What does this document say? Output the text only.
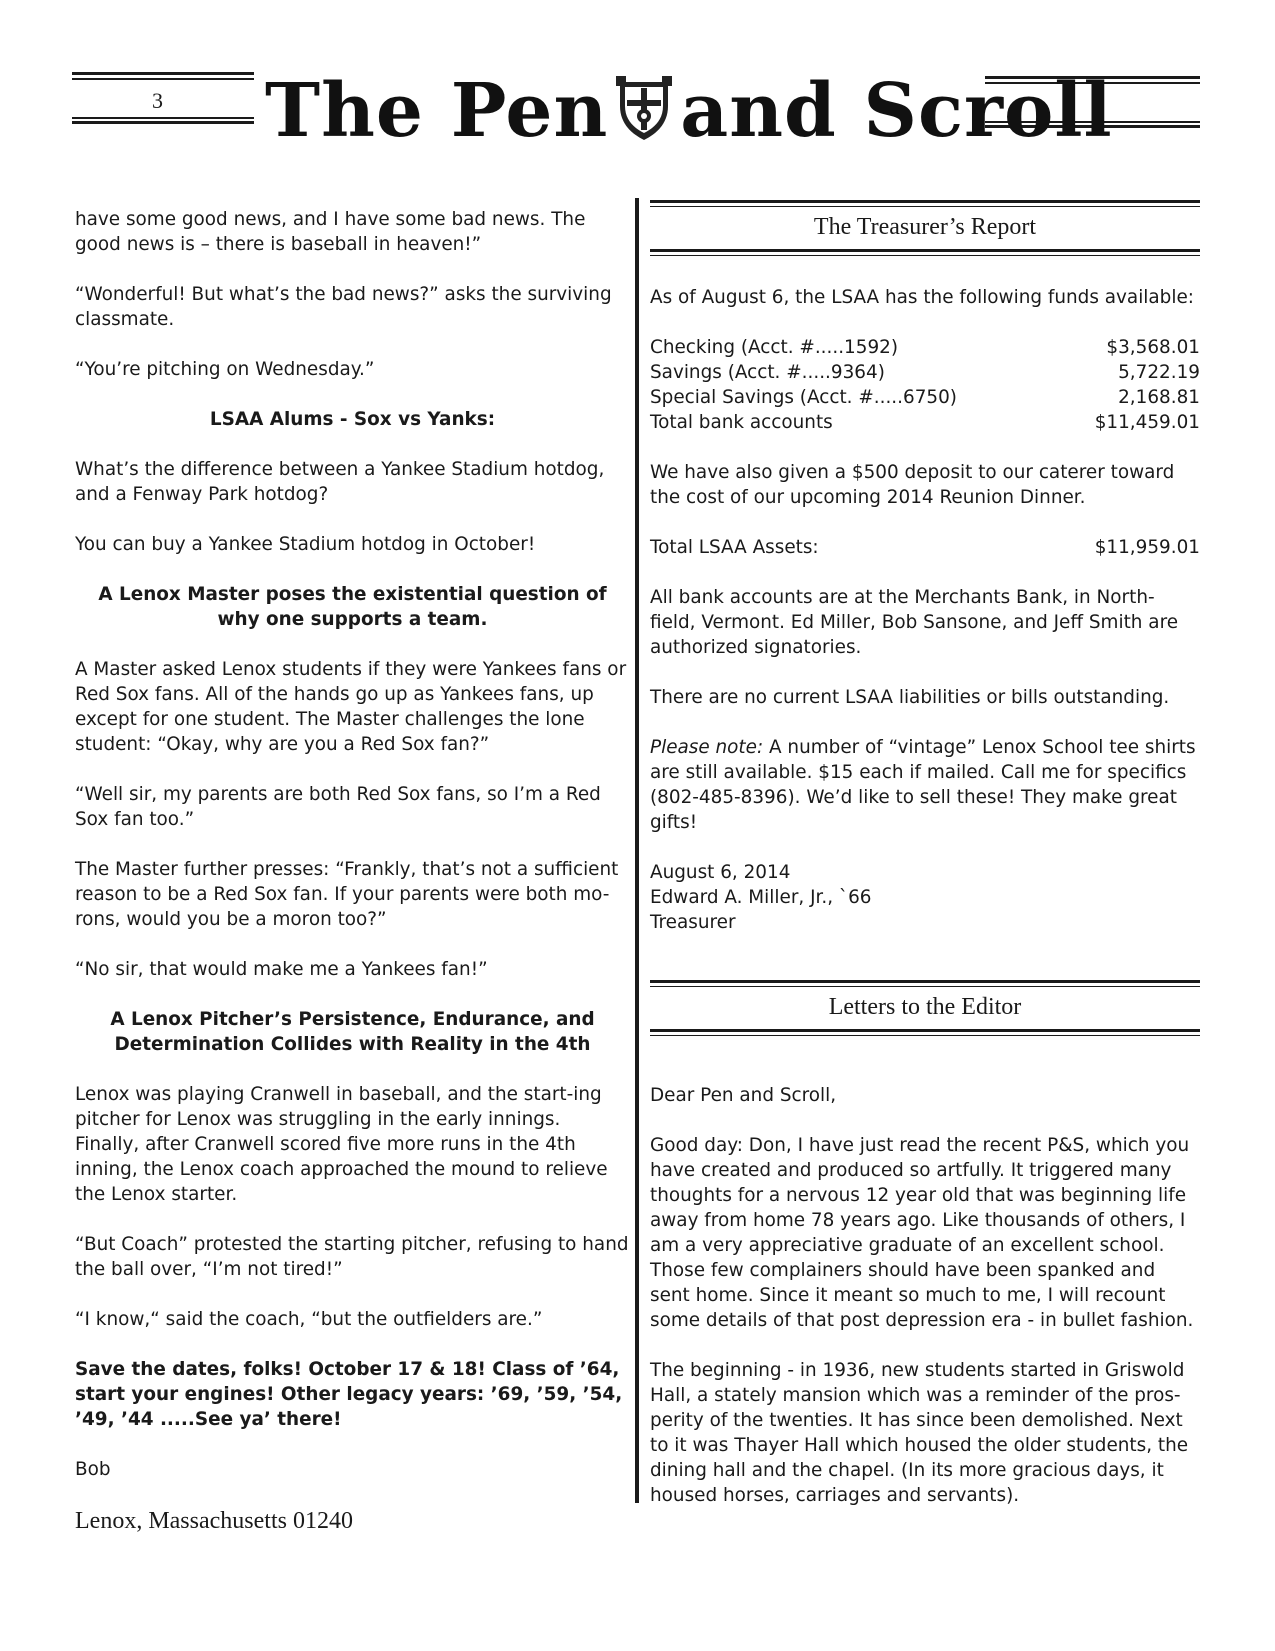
3 The Pen and Scroll

have some good news, and I have some bad news. The good news is – there is baseball in heaven!”

“Wonderful! But what’s the bad news?” asks the surviving classmate.

“You’re pitching on Wednesday.”

LSAA Alums - Sox vs Yanks:

What’s the difference between a Yankee Stadium hotdog, and a Fenway Park hotdog?

You can buy a Yankee Stadium hotdog in October!

A Lenox Master poses the existential question of
why one supports a team.

A Master asked Lenox students if they were Yankees fans or Red Sox fans. All of the hands go up as Yankees fans, up except for one student. The Master challenges the lone student: “Okay, why are you a Red Sox fan?”

“Well sir, my parents are both Red Sox fans, so I’m a Red Sox fan too.”

The Master further presses: “Frankly, that’s not a sufficient reason to be a Red Sox fan. If your parents were both mo-rons, would you be a moron too?”

“No sir, that would make me a Yankees fan!”

A Lenox Pitcher’s Persistence, Endurance, and
Determination Collides with Reality in the 4th

Lenox was playing Cranwell in baseball, and the start-ing pitcher for Lenox was struggling in the early innings. Finally, after Cranwell scored five more runs in the 4th inning, the Lenox coach approached the mound to relieve the Lenox starter.

“But Coach” protested the starting pitcher, refusing to hand the ball over, “I’m not tired!”

“I know,“ said the coach, “but the outfielders are.”

Save the dates, folks! October 17 & 18! Class of ’64, start your engines! Other legacy years: ’69, ’59, ’54, ’49, ’44 .....See ya’ there!

Bob

The Treasurer’s Report

As of August 6, the LSAA has the following funds available:

Checking (Acct. #.....1592)	$3,568.01
Savings (Acct. #.....9364)	5,722.19
Special Savings (Acct. #.....6750)	2,168.81
Total bank accounts	$11,459.01

We have also given a $500 deposit to our caterer toward the cost of our upcoming 2014 Reunion Dinner.

Total LSAA Assets:	$11,959.01

All bank accounts are at the Merchants Bank, in North-field, Vermont. Ed Miller, Bob Sansone, and Jeff Smith are authorized signatories.

There are no current LSAA liabilities or bills outstanding.

Please note: A number of “vintage” Lenox School tee shirts are still available. $15 each if mailed. Call me for specifics (802-485-8396). We’d like to sell these! They make great gifts!

August 6, 2014
Edward A. Miller, Jr., `66
Treasurer

Letters to the Editor

Dear Pen and Scroll,

Good day: Don, I have just read the recent P&S, which you have created and produced so artfully. It triggered many thoughts for a nervous 12 year old that was beginning life away from home 78 years ago. Like thousands of others, I am a very appreciative graduate of an excellent school. Those few complainers should have been spanked and sent home. Since it meant so much to me, I will recount some details of that post depression era - in bullet fashion.

The beginning - in 1936, new students started in Griswold Hall, a stately mansion which was a reminder of the pros-perity of the twenties. It has since been demolished. Next to it was Thayer Hall which housed the older students, the dining hall and the chapel. (In its more gracious days, it housed horses, carriages and servants).

Lenox, Massachusetts 01240
